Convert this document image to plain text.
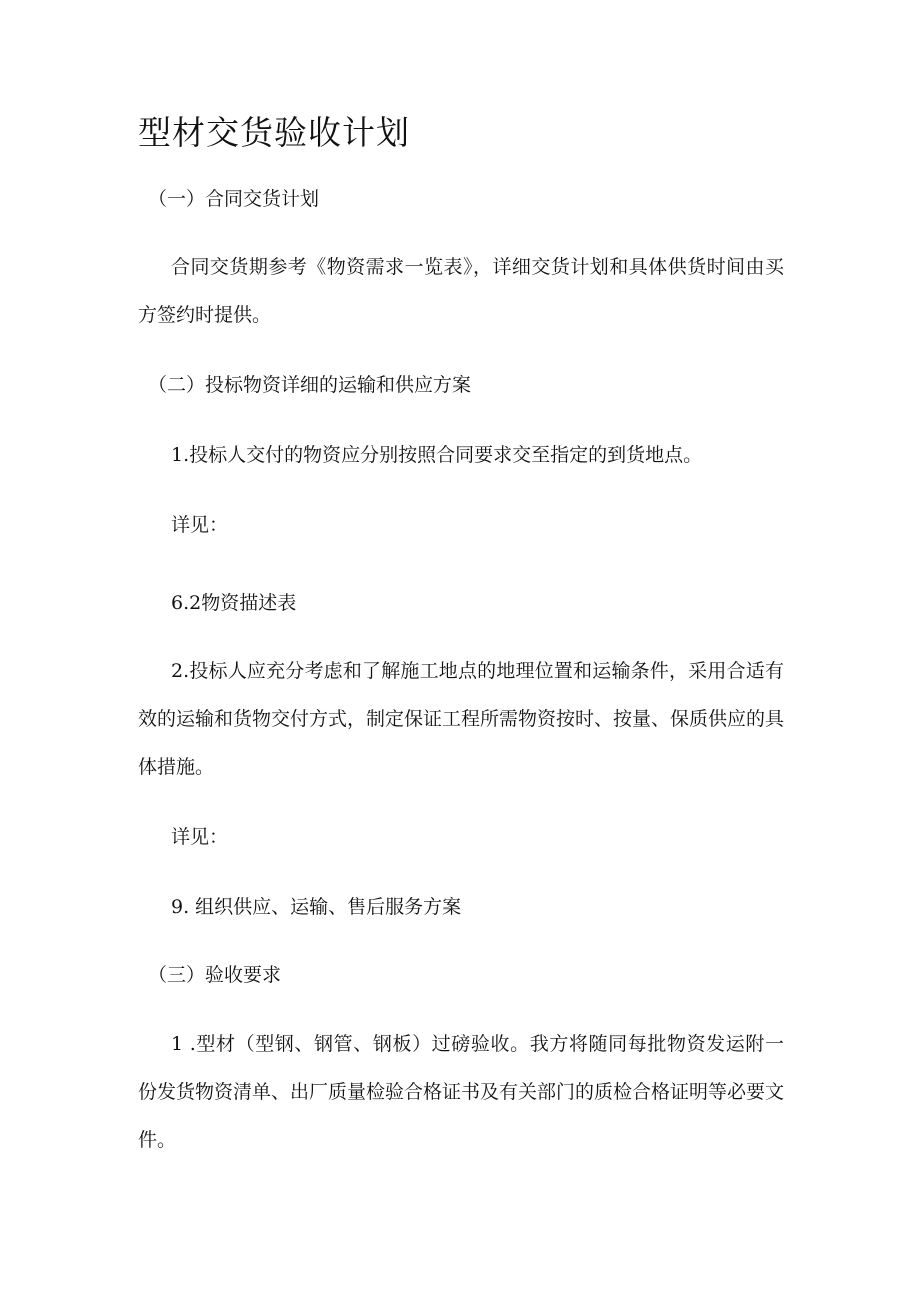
型材交货验收计划
（一）合同交货计划
合同交货期参考《物资需求一览表》，详细交货计划和具体供货时间由买方签约时提供。
（二）投标物资详细的运输和供应方案
1.投标人交付的物资应分别按照合同要求交至指定的到货地点。
详见：
6.2物资描述表
2.投标人应充分考虑和了解施工地点的地理位置和运输条件，采用合适有效的运输和货物交付方式，制定保证工程所需物资按时、按量、保质供应的具体措施。
详见：
9. 组织供应、运输、售后服务方案
（三）验收要求
1 .型材（型钢、钢管、钢板）过磅验收。我方将随同每批物资发运附一份发货物资清单、出厂质量检验合格证书及有关部门的质检合格证明等必要文件。
